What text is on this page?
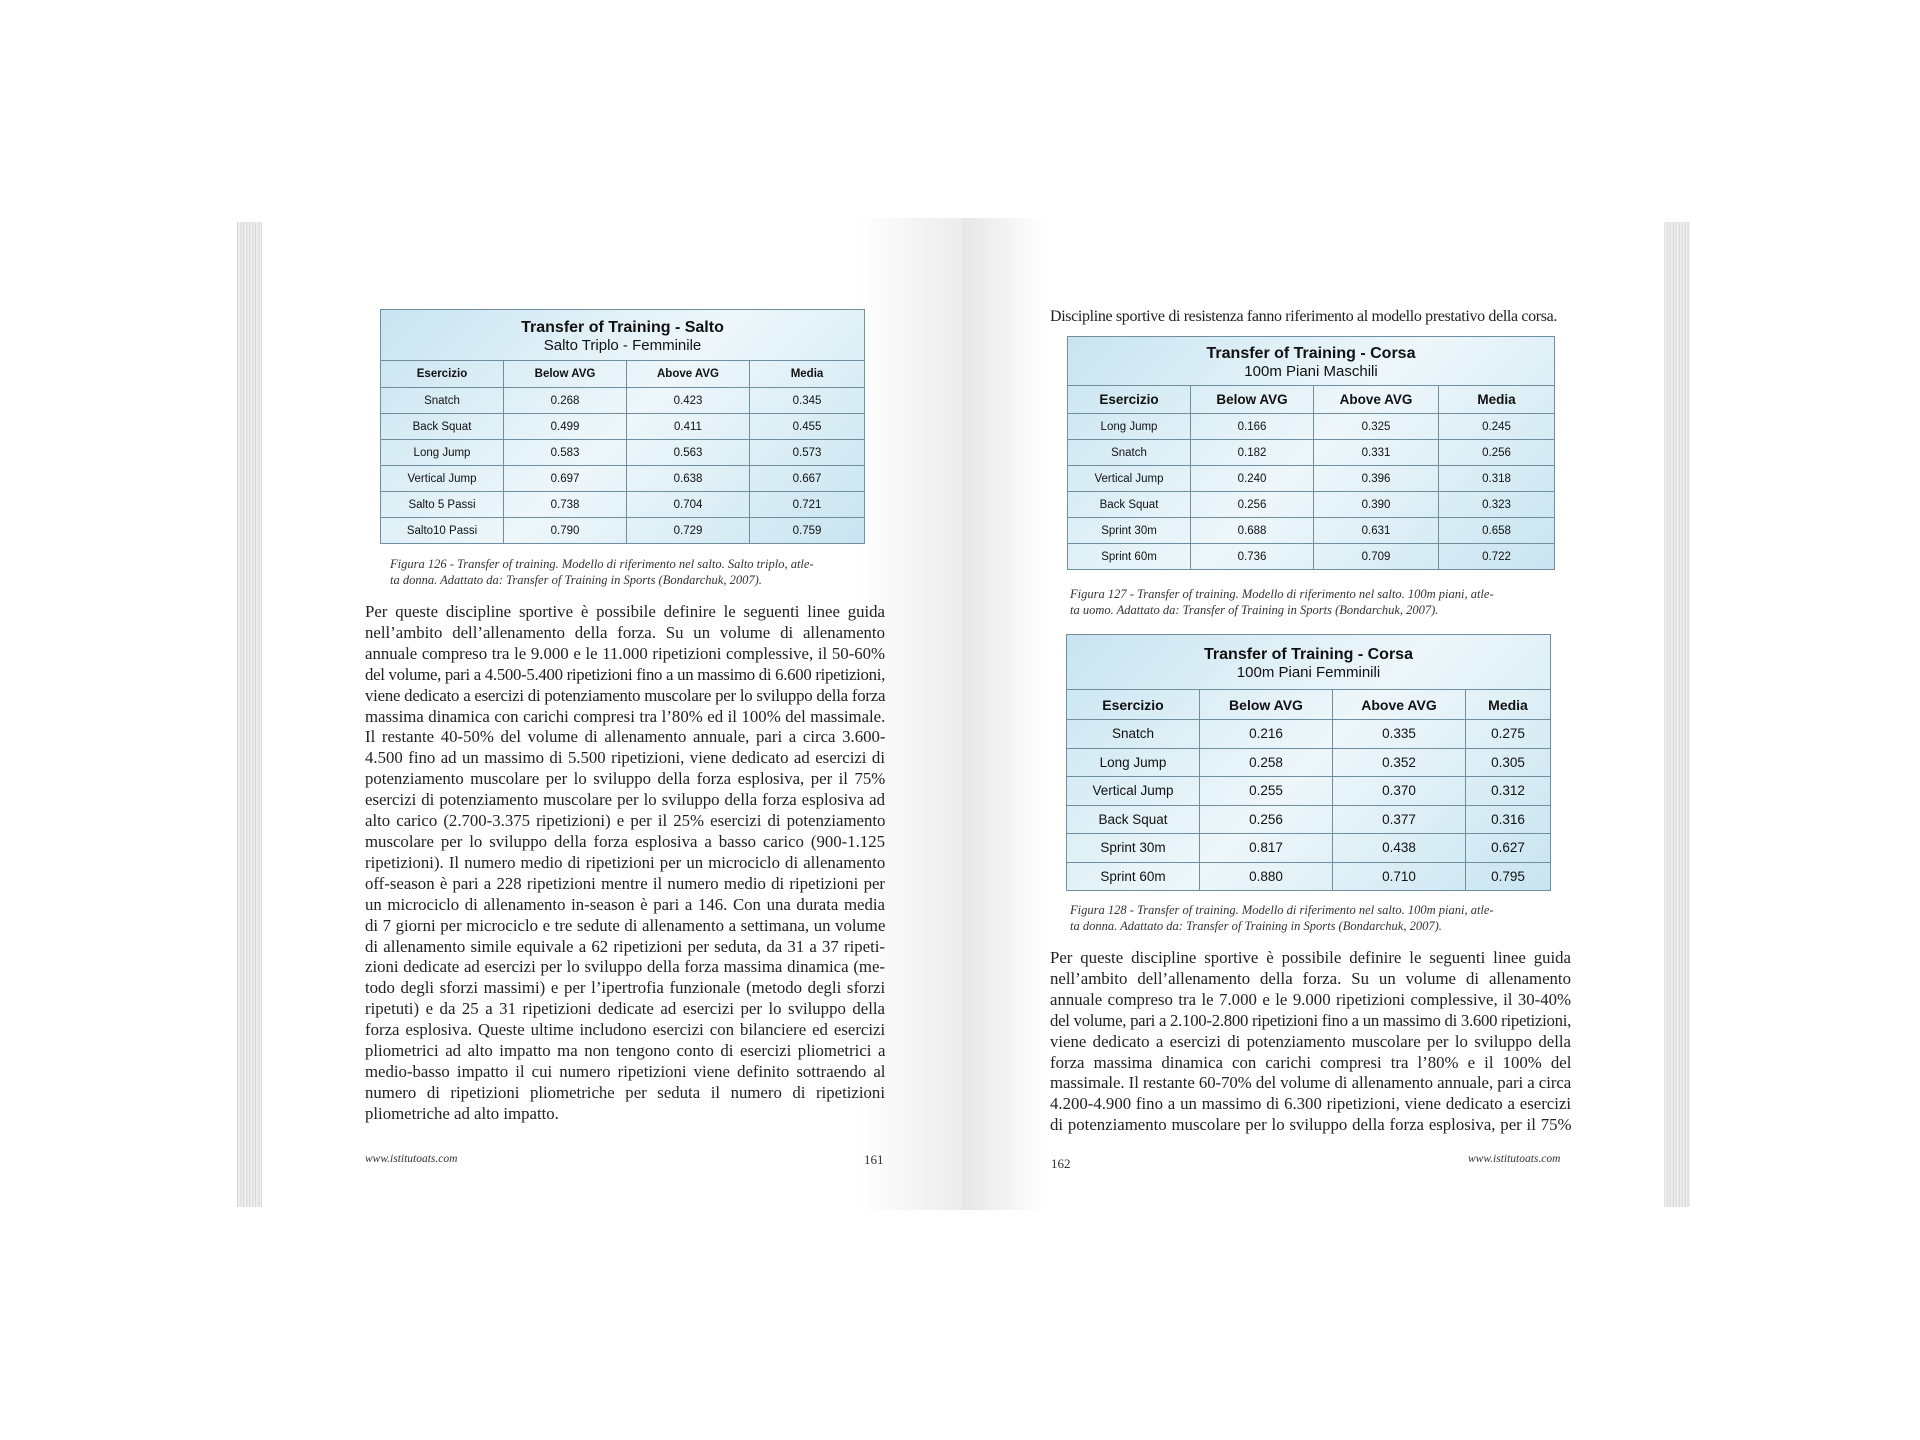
Transfer of Training - Salto
Salto Triplo - Femminile			

Esercizio	Below AVG	Above AVG	Media
Snatch	0.268	0.423	0.345
Back Squat	0.499	0.411	0.455
Long Jump	0.583	0.563	0.573
Vertical Jump	0.697	0.638	0.667
Salto 5 Passi	0.738	0.704	0.721
Salto10 Passi	0.790	0.729	0.759
Figura 126 - Transfer of training. Modello di riferimento nel salto. Salto triplo, atle-
ta donna. Adattato da: Transfer of Training in Sports (Bondarchuk, 2007).
Per queste discipline sportive è possibile definire le seguenti linee guida
nell’ambito dell’allenamento della forza. Su un volume di allenamento
annuale compreso tra le 9.000 e le 11.000 ripetizioni complessive, il 50-60%
del volume, pari a 4.500-5.400 ripetizioni fino a un massimo di 6.600 ripetizioni,
viene dedicato a esercizi di potenziamento muscolare per lo sviluppo della forza
massima dinamica con carichi compresi tra l’80% ed il 100% del massimale.
Il restante 40-50% del volume di allenamento annuale, pari a circa 3.600-
4.500 fino ad un massimo di 5.500 ripetizioni, viene dedicato ad esercizi di
potenziamento muscolare per lo sviluppo della forza esplosiva, per il 75%
esercizi di potenziamento muscolare per lo sviluppo della forza esplosiva ad
alto carico (2.700-3.375 ripetizioni) e per il 25% esercizi di potenziamento
muscolare per lo sviluppo della forza esplosiva a basso carico (900-1.125
ripetizioni). Il numero medio di ripetizioni per un microciclo di allenamento
off-season è pari a 228 ripetizioni mentre il numero medio di ripetizioni per
un microciclo di allenamento in-season è pari a 146. Con una durata media
di 7 giorni per microciclo e tre sedute di allenamento a settimana, un volume
di allenamento simile equivale a 62 ripetizioni per seduta, da 31 a 37 ripeti-
zioni dedicate ad esercizi per lo sviluppo della forza massima dinamica (me-
todo degli sforzi massimi) e per l’ipertrofia funzionale (metodo degli sforzi
ripetuti) e da 25 a 31 ripetizioni dedicate ad esercizi per lo sviluppo della
forza esplosiva. Queste ultime includono esercizi con bilanciere ed esercizi
pliometrici ad alto impatto ma non tengono conto di esercizi pliometrici a
medio-basso impatto il cui numero ripetizioni viene definito sottraendo al
numero di ripetizioni pliometriche per seduta il numero di ripetizioni
pliometriche ad alto impatto.
www.istitutoats.com	161
Discipline sportive di resistenza fanno riferimento al modello prestativo della corsa.
Transfer of Training - Corsa
100m Piani Maschili			

Esercizio	Below AVG	Above AVG	Media
Long Jump	0.166	0.325	0.245
Snatch	0.182	0.331	0.256
Vertical Jump	0.240	0.396	0.318
Back Squat	0.256	0.390	0.323
Sprint 30m	0.688	0.631	0.658
Sprint 60m	0.736	0.709	0.722
Figura 127 - Transfer of training. Modello di riferimento nel salto. 100m piani, atle-
ta uomo. Adattato da: Transfer of Training in Sports (Bondarchuk, 2007).
Transfer of Training - Corsa
100m Piani Femminili			

Esercizio	Below AVG	Above AVG	Media
Snatch	0.216	0.335	0.275
Long Jump	0.258	0.352	0.305
Vertical Jump	0.255	0.370	0.312
Back Squat	0.256	0.377	0.316
Sprint 30m	0.817	0.438	0.627
Sprint 60m	0.880	0.710	0.795
Figura 128 - Transfer of training. Modello di riferimento nel salto. 100m piani, atle-
ta donna. Adattato da: Transfer of Training in Sports (Bondarchuk, 2007).
Per queste discipline sportive è possibile definire le seguenti linee guida
nell’ambito dell’allenamento della forza. Su un volume di allenamento
annuale compreso tra le 7.000 e le 9.000 ripetizioni complessive, il 30-40%
del volume, pari a 2.100-2.800 ripetizioni fino a un massimo di 3.600 ripetizioni,
viene dedicato a esercizi di potenziamento muscolare per lo sviluppo della
forza massima dinamica con carichi compresi tra l’80% e il 100% del
massimale. Il restante 60-70% del volume di allenamento annuale, pari a circa
4.200-4.900 fino a un massimo di 6.300 ripetizioni, viene dedicato a esercizi
di potenziamento muscolare per lo sviluppo della forza esplosiva, per il 75%
162	www.istitutoats.com
